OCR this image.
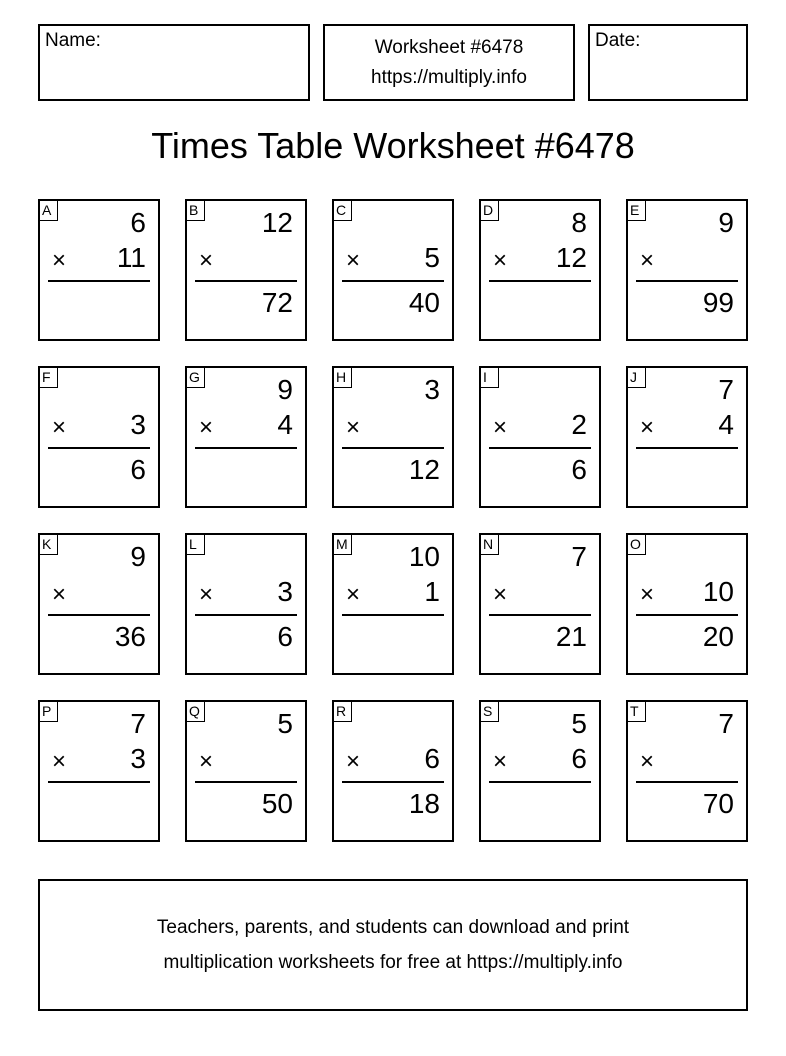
Name:	Worksheet #6478
https://multiply.info
Date:
Times Table Worksheet #6478
A	6
× 11
B 12
×
72
C
× 5
40
D	8
× 12
E	9
×
99
F
× 3
6
G	9
× 4
H	3
×
12
I
× 2
6
J	7
× 4
K	9
×
36
L
× 3
6
M 10
× 1
N	7
×
21
O
× 10
20
P	7
× 3
Q	5
×
50
R
× 6
18
S	5
× 6
T	7
×
70
Teachers, parents, and students can download and print
multiplication worksheets for free at https://multiply.info
